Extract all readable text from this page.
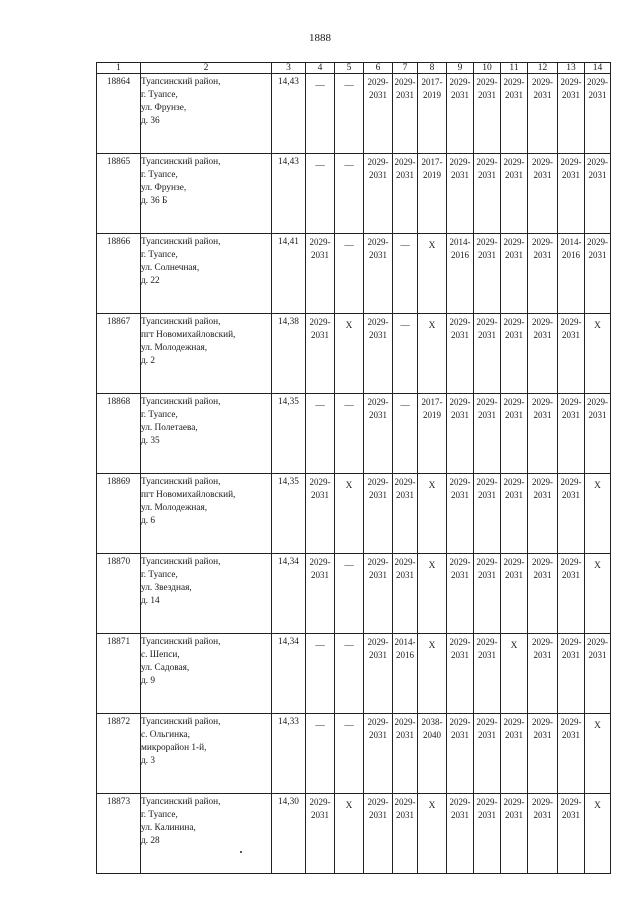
1888
1	2	3	4	5	6	7	8	9	10	11	12	13	14
18864	Туапсинский район,
г. Туапсе,
ул. Фрунзе,
д. 36	14,43	—	—	2029-
2031	2029-
2031	2017-
2019	2029-
2031	2029-
2031	2029-
2031	2029-
2031	2029-
2031	2029-
2031

18865	Туапсинский район,
г. Туапсе,
ул. Фрунзе,
д. 36 Б	14,43	—	—	2029-
2031	2029-
2031	2017-
2019	2029-
2031	2029-
2031	2029-
2031	2029-
2031	2029-
2031	2029-
2031

18866	Туапсинский район,
г. Туапсе,
ул. Солнечная,
д. 22	14,41	2029-
2031	—	2029-
2031	—	X	2014-
2016	2029-
2031	2029-
2031	2029-
2031	2014-
2016	2029-
2031

18867	Туапсинский район,
пгт Новомихайловский,
ул. Молодежная,
д. 2	14,38	2029-
2031	X	2029-
2031	—	X	2029-
2031	2029-
2031	2029-
2031	2029-
2031	2029-
2031	X
18868	Туапсинский район,
г. Туапсе,
ул. Полетаева,
д. 35	14,35	—	—	2029-
2031	—	2017-
2019	2029-
2031	2029-
2031	2029-
2031	2029-
2031	2029-
2031	2029-
2031

18869	Туапсинский район,
пгт Новомихайловский,
ул. Молодежная,
д. 6	14,35	2029-
2031	X	2029-
2031	2029-
2031	X	2029-
2031	2029-
2031	2029-
2031	2029-
2031	2029-
2031	X
18870	Туапсинский район,
г. Туапсе,
ул. Звездная,
д. 14	14,34	2029-
2031	—	2029-
2031	2029-
2031	X	2029-
2031	2029-
2031	2029-
2031	2029-
2031	2029-
2031	X
18871	Туапсинский район,
с. Шепси,
ул. Садовая,
д. 9	14,34	—	—	2029-
2031	2014-
2016	X	2029-
2031	2029-
2031	X	2029-
2031	2029-
2031	2029-
2031

18872	Туапсинский район,
с. Ольгинка,
микрорайон 1-й,
д. 3	14,33	—	—	2029-
2031	2029-
2031	2038-
2040	2029-
2031	2029-
2031	2029-
2031	2029-
2031	2029-
2031	X
18873	Туапсинский район,
г. Туапсе,
ул. Калинина,
д. 28	14,30	2029-
2031	X	2029-
2031	2029-
2031	X	2029-
2031	2029-
2031	2029-
2031	2029-
2031	2029-
2031	X
